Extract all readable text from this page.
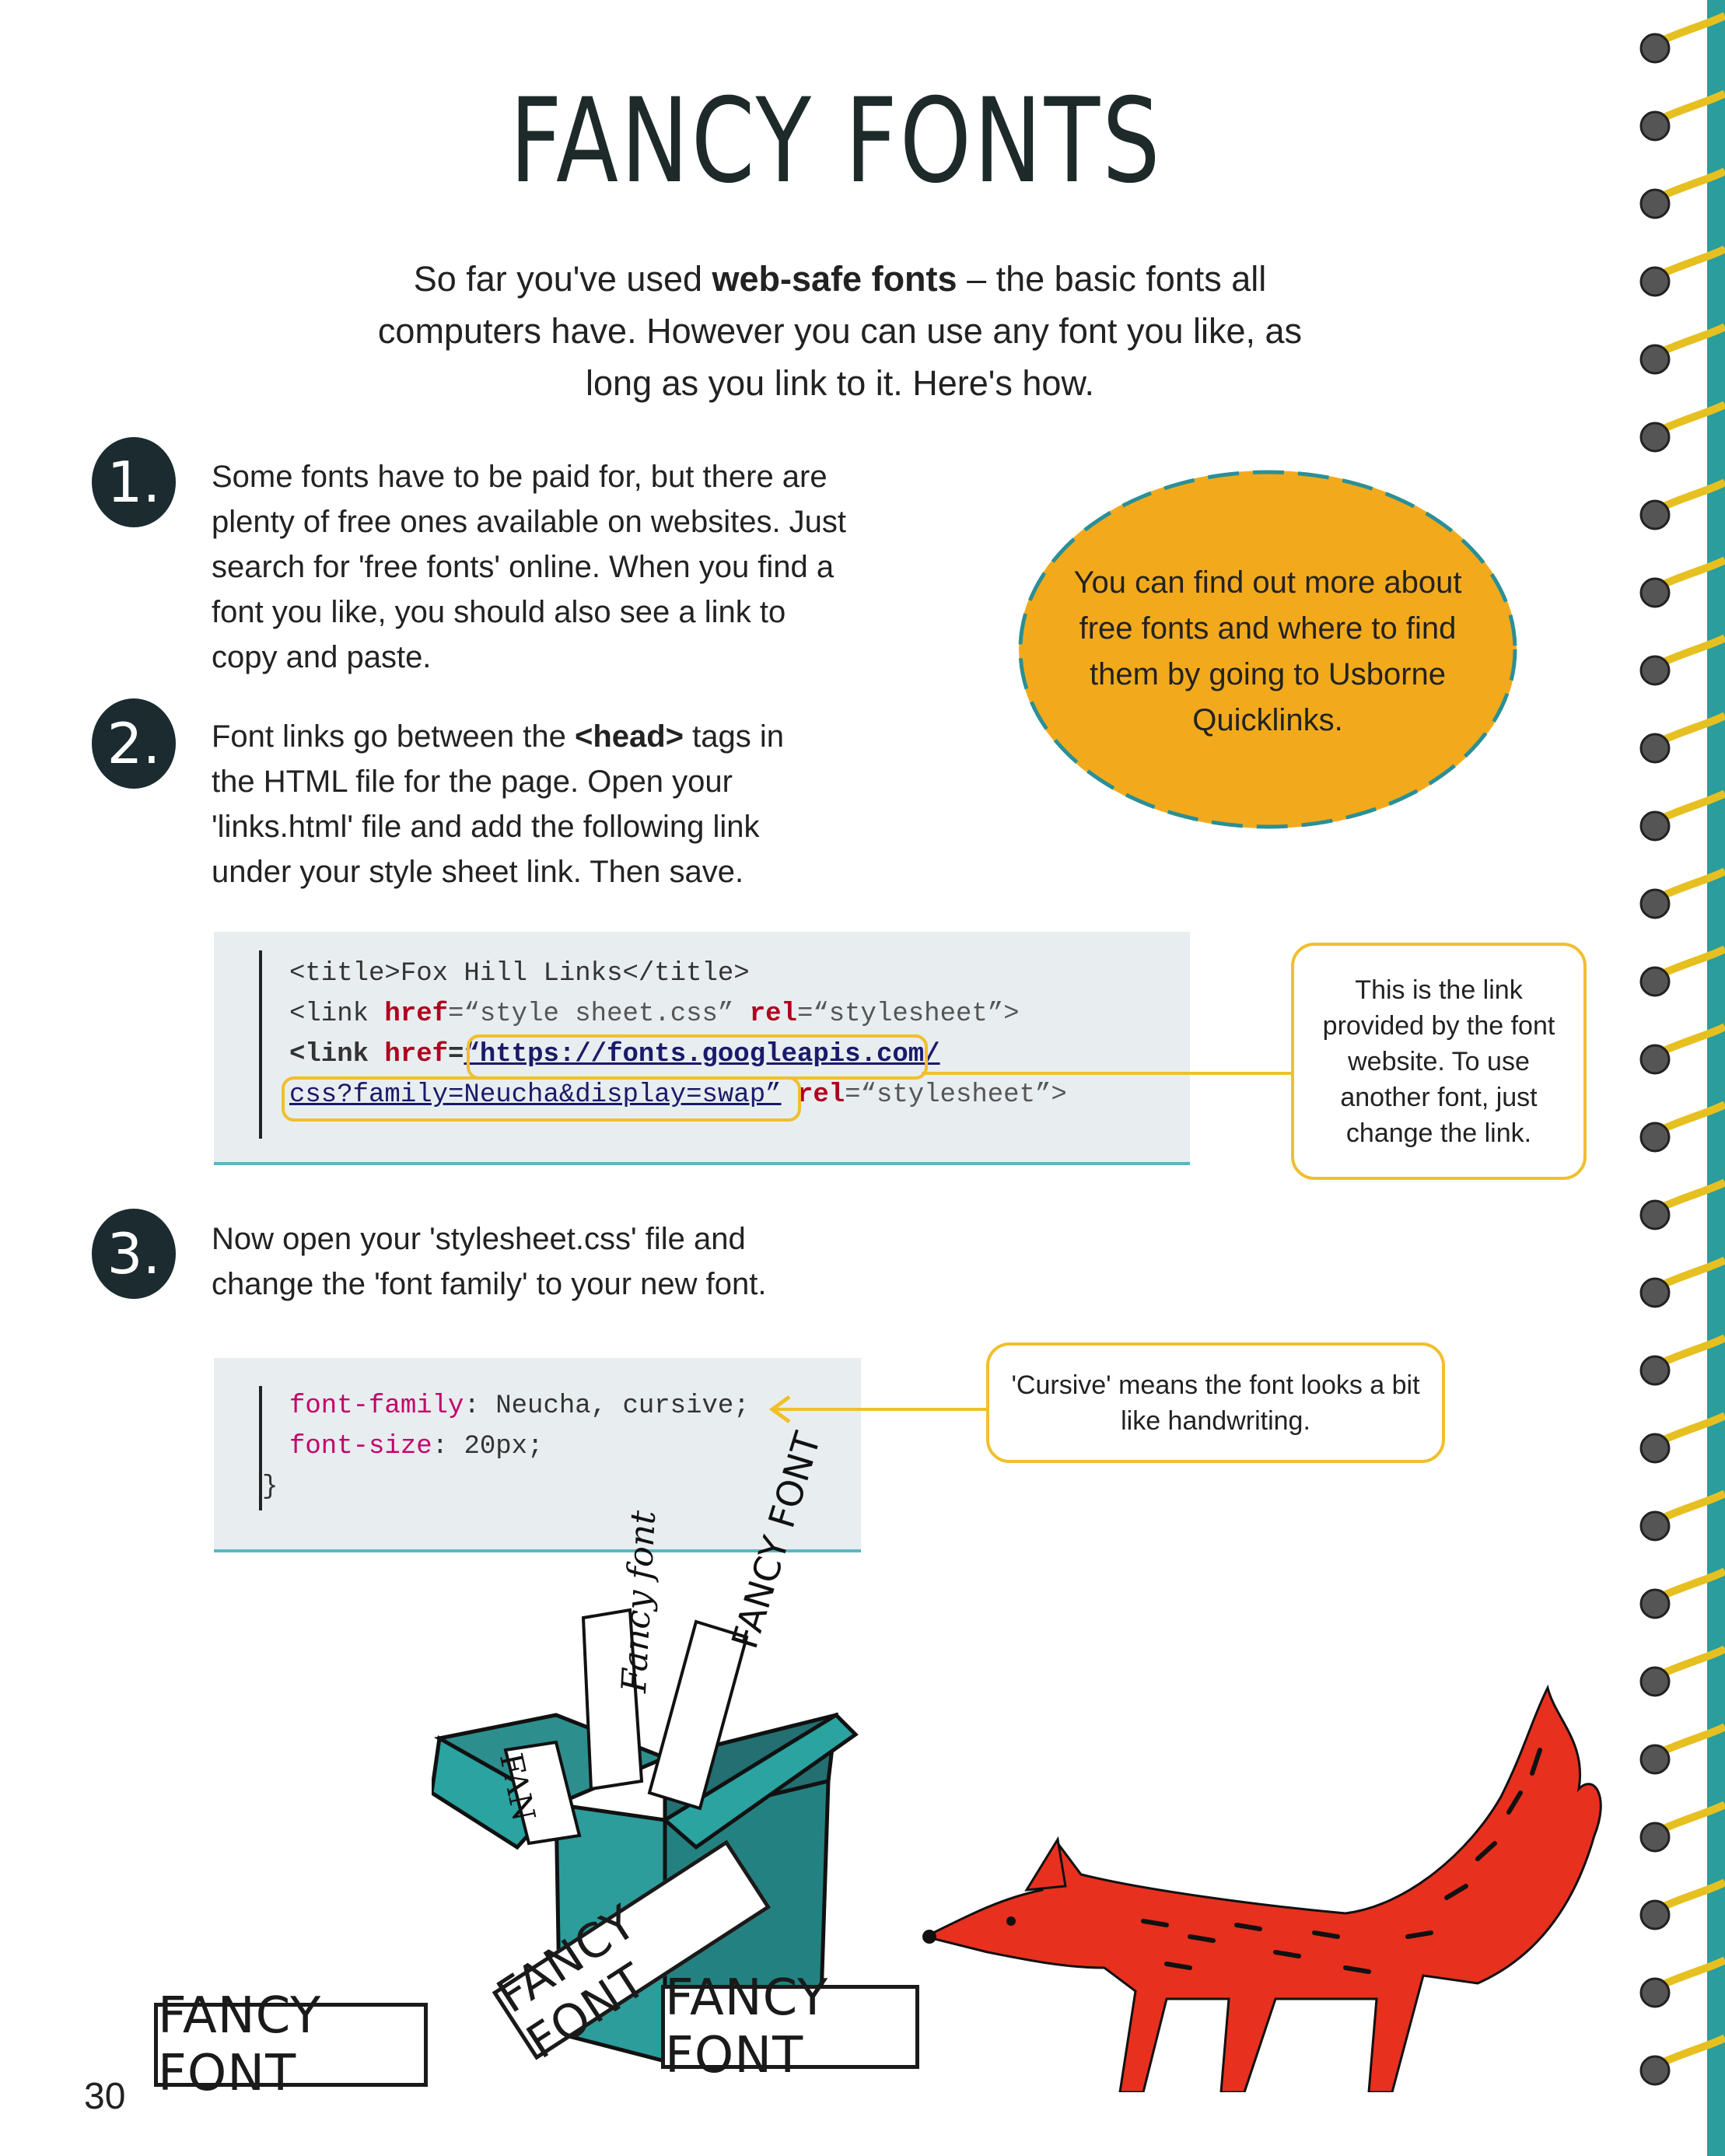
FANCY FONTS
So far you've used web-safe fonts – the basic fonts all computers have. However you can use any font you like, as long as you link to it. Here's how.
1.	Some fonts have to be paid for, but there are plenty of free ones available on websites. Just search for 'free fonts' online. When you find a font you like, you should also see a link to copy and paste.
2.	Font links go between the <head> tags in the HTML file for the page. Open your 'links.html' file and add the following link under your style sheet link. Then save.
You can find out more about free fonts and where to find them by going to Usborne Quicklinks.
<title>Fox Hill Links</title>
<link href=“style sheet.css” rel=“stylesheet”>
<link href=“https://fonts.googleapis.com/
css?family=Neucha&display=swap” rel=“stylesheet”>
This is the link provided by the font website. To use another font, just change the link.
3.	Now open your 'stylesheet.css' file and change the 'font family' to your new font.
font-family: Neucha, cursive;
font-size: 20px;
}
'Cursive' means the font looks a bit like handwriting.
FAN
Fancy font FANCY FONT
FANCY FONT
FANCY FONT FANCY FONT
30
